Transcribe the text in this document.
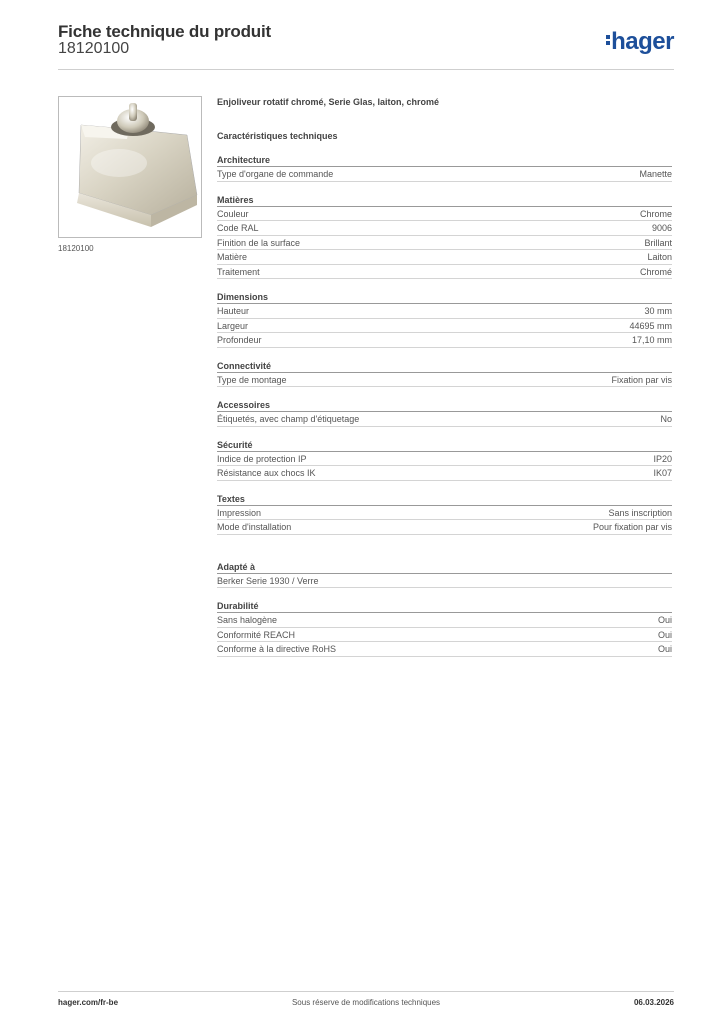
Fiche technique du produit
18120100	hager
18120100
Enjoliveur rotatif chromé, Serie Glas, laiton, chromé
Caractéristiques techniques
Architecture
Type d'organe de commande	Manette
Matières
Couleur	Chrome
Code RAL	9006
Finition de la surface	Brillant
Matière	Laiton
Traitement	Chromé
Dimensions
Hauteur	30 mm
Largeur	44695 mm
Profondeur	17,10 mm
Connectivité
Type de montage	Fixation par vis
Accessoires
Étiquetés, avec champ d'étiquetage	No
Sécurité
Indice de protection IP	IP20
Résistance aux chocs IK	IK07
Textes
Impression	Sans inscription
Mode d'installation	Pour fixation par vis
Adapté à
Berker Serie 1930 / Verre
Durabilité
Sans halogène	Oui
Conformité REACH	Oui
Conforme à la directive RoHS	Oui
Sous réserve de modifications techniques
hager.com/fr-be	06.03.2026
